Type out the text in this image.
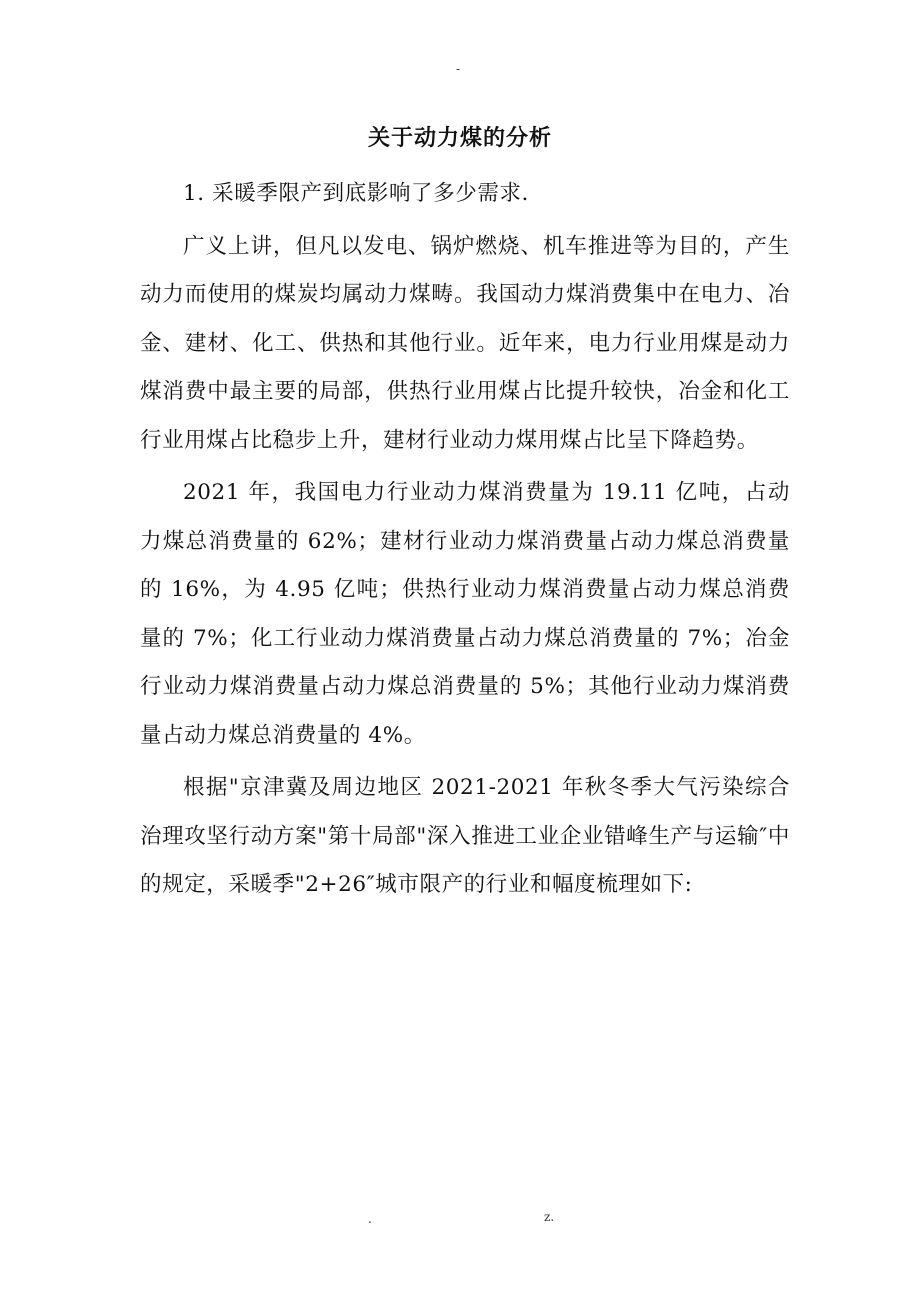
-
关于动力煤的分析

1. 采暖季限产到底影响了多少需求.

广义上讲，但凡以发电、锅炉燃烧、机车推进等为目的，产生动力而使用的煤炭均属动力煤畴。我国动力煤消费集中在电力、冶金、建材、化工、供热和其他行业。近年来，电力行业用煤是动力煤消费中最主要的局部，供热行业用煤占比提升较快，冶金和化工行业用煤占比稳步上升，建材行业动力煤用煤占比呈下降趋势。

2021 年，我国电力行业动力煤消费量为 19.11 亿吨，占动力煤总消费量的 62%；建材行业动力煤消费量占动力煤总消费量的 16%，为 4.95 亿吨；供热行业动力煤消费量占动力煤总消费量的 7%；化工行业动力煤消费量占动力煤总消费量的 7%；冶金行业动力煤消费量占动力煤总消费量的 5%；其他行业动力煤消费量占动力煤总消费量的 4%。

根据"京津冀及周边地区 2021-2021 年秋冬季大气污染综合治理攻坚行动方案"第十局部"深入推进工业企业错峰生产与运输″中的规定，采暖季"2+26″城市限产的行业和幅度梳理如下:

.	z.
